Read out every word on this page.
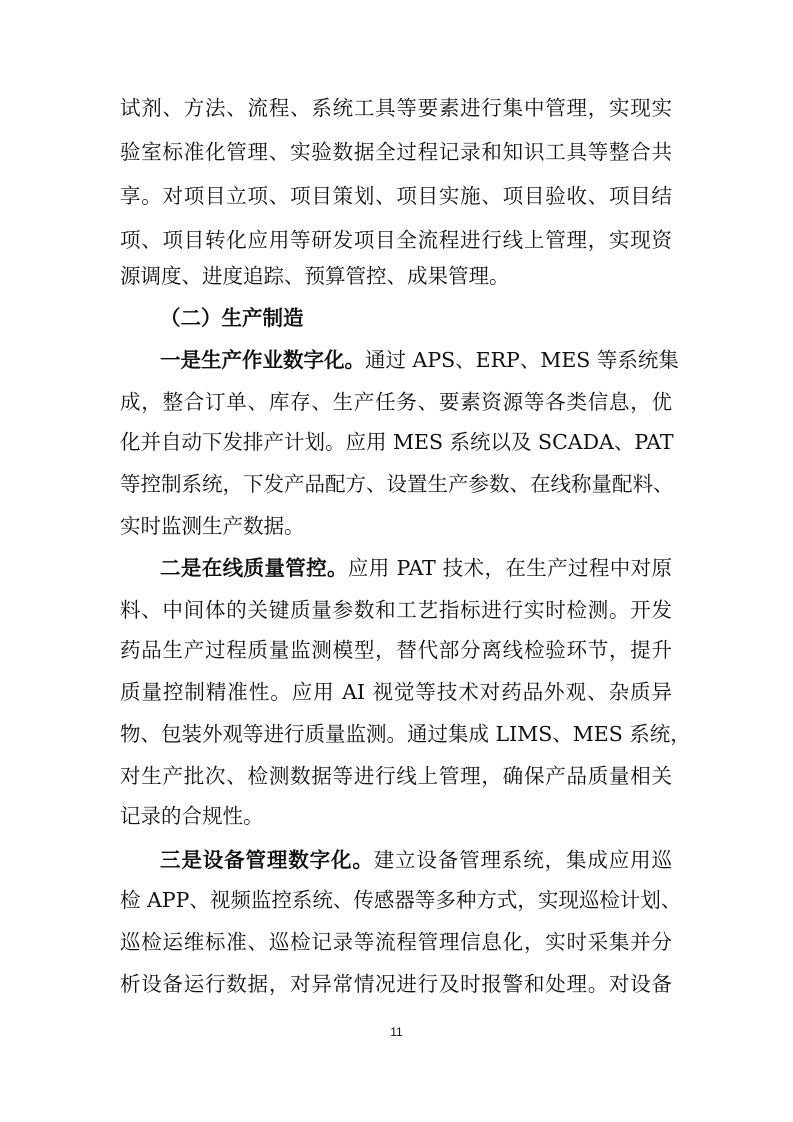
试剂、方法、流程、系统工具等要素进行集中管理，实现实
验室标准化管理、实验数据全过程记录和知识工具等整合共
享。对项目立项、项目策划、项目实施、项目验收、项目结
项、项目转化应用等研发项目全流程进行线上管理，实现资
源调度、进度追踪、预算管控、成果管理。
（二）生产制造
一是生产作业数字化。通过 APS、ERP、MES 等系统集
成，整合订单、库存、生产任务、要素资源等各类信息，优
化并自动下发排产计划。应用 MES 系统以及 SCADA、PAT
等控制系统，下发产品配方、设置生产参数、在线称量配料、
实时监测生产数据。
二是在线质量管控。应用 PAT 技术，在生产过程中对原
料、中间体的关键质量参数和工艺指标进行实时检测。开发
药品生产过程质量监测模型，替代部分离线检验环节，提升
质量控制精准性。应用 AI 视觉等技术对药品外观、杂质异
物、包装外观等进行质量监测。通过集成 LIMS、MES 系统，
对生产批次、检测数据等进行线上管理，确保产品质量相关
记录的合规性。
三是设备管理数字化。建立设备管理系统，集成应用巡
检 APP、视频监控系统、传感器等多种方式，实现巡检计划、
巡检运维标准、巡检记录等流程管理信息化，实时采集并分
析设备运行数据，对异常情况进行及时报警和处理。对设备
11
